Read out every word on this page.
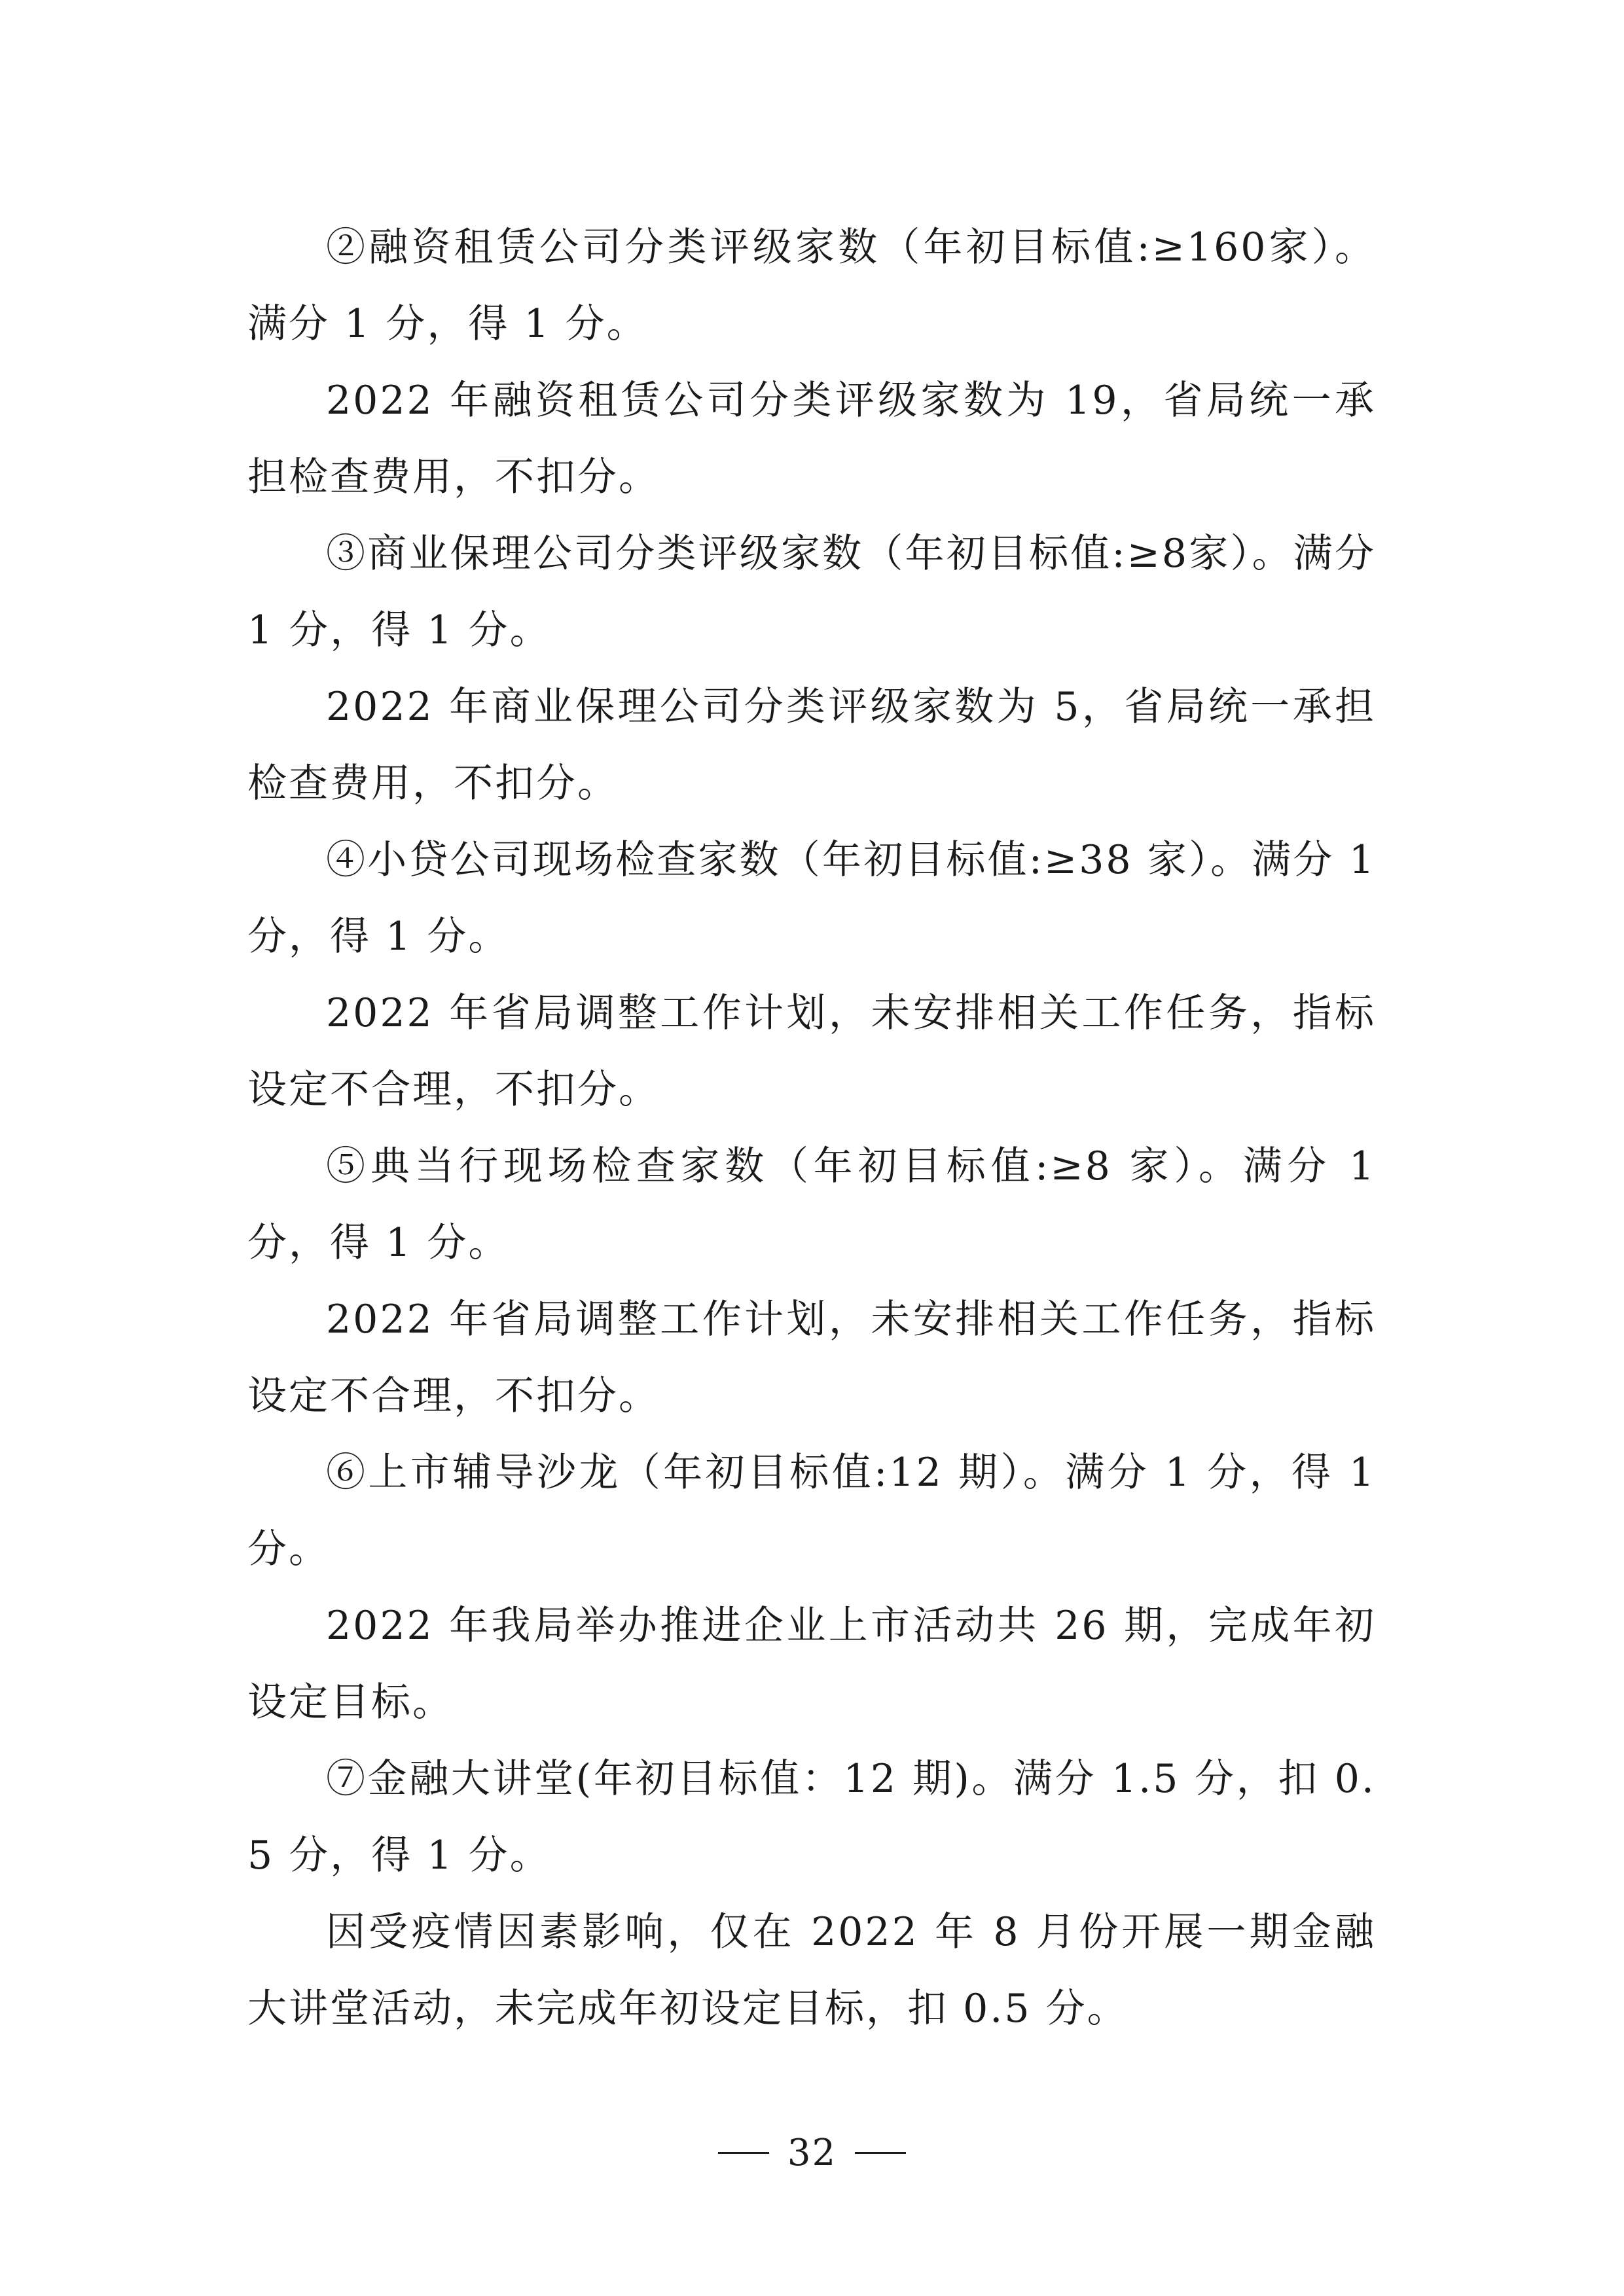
②融资租赁公司分类评级家数（年初目标值:≥160家）。满分 1 分，得 1 分。

2022 年融资租赁公司分类评级家数为 19，省局统一承担检查费用，不扣分。

③商业保理公司分类评级家数（年初目标值:≥8家）。满分 1 分，得 1 分。

2022 年商业保理公司分类评级家数为 5，省局统一承担检查费用，不扣分。

④小贷公司现场检查家数（年初目标值:≥38 家）。满分 1 分，得 1 分。

2022 年省局调整工作计划，未安排相关工作任务，指标设定不合理，不扣分。

⑤典当行现场检查家数（年初目标值:≥8 家）。满分 1 分，得 1 分。

2022 年省局调整工作计划，未安排相关工作任务，指标设定不合理，不扣分。

⑥上市辅导沙龙（年初目标值:12 期）。满分 1 分，得 1 分。

2022 年我局举办推进企业上市活动共 26 期，完成年初设定目标。

⑦金融大讲堂(年初目标值：12 期)。满分 1.5 分，扣 0.5 分，得 1 分。

因受疫情因素影响，仅在 2022 年 8 月份开展一期金融大讲堂活动，未完成年初设定目标，扣 0.5 分。

32
